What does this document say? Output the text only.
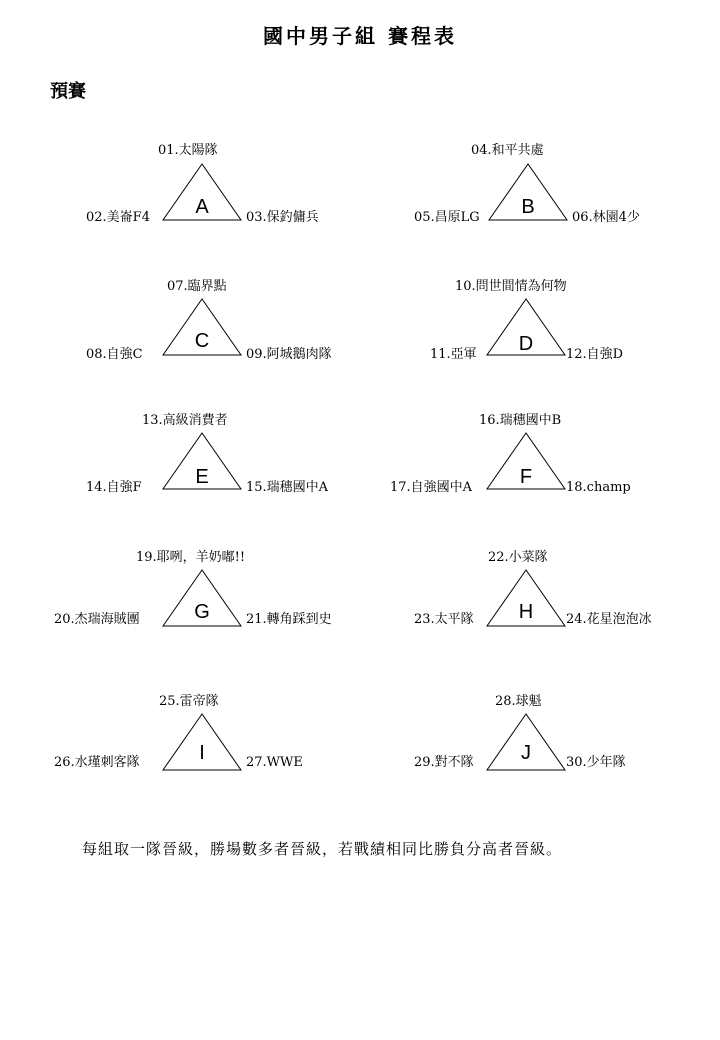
國中男子組 賽程表
預賽
01.太陽隊
A
02.美崙F4	03.保釣傭兵
04.和平共處
B
05.昌原LG	06.林園4少
07.臨界點
C
08.自強C	09.阿城鵝肉隊
10.問世間情為何物
D
11.亞軍	12.自強D
13.高級消費者
E
14.自強F	15.瑞穗國中A
16.瑞穗國中B
F
17.自強國中A	18.champ
19.耶咧，羊奶嘟!!
G
20.杰瑞海賊團	21.轉角踩到史
22.小菜隊
H
23.太平隊	24.花星泡泡冰
25.雷帝隊
I
26.水瑾刺客隊	27.WWE
28.球魁
J
29.對不隊	30.少年隊
每組取一隊晉級，勝場數多者晉級，若戰績相同比勝負分高者晉級。
